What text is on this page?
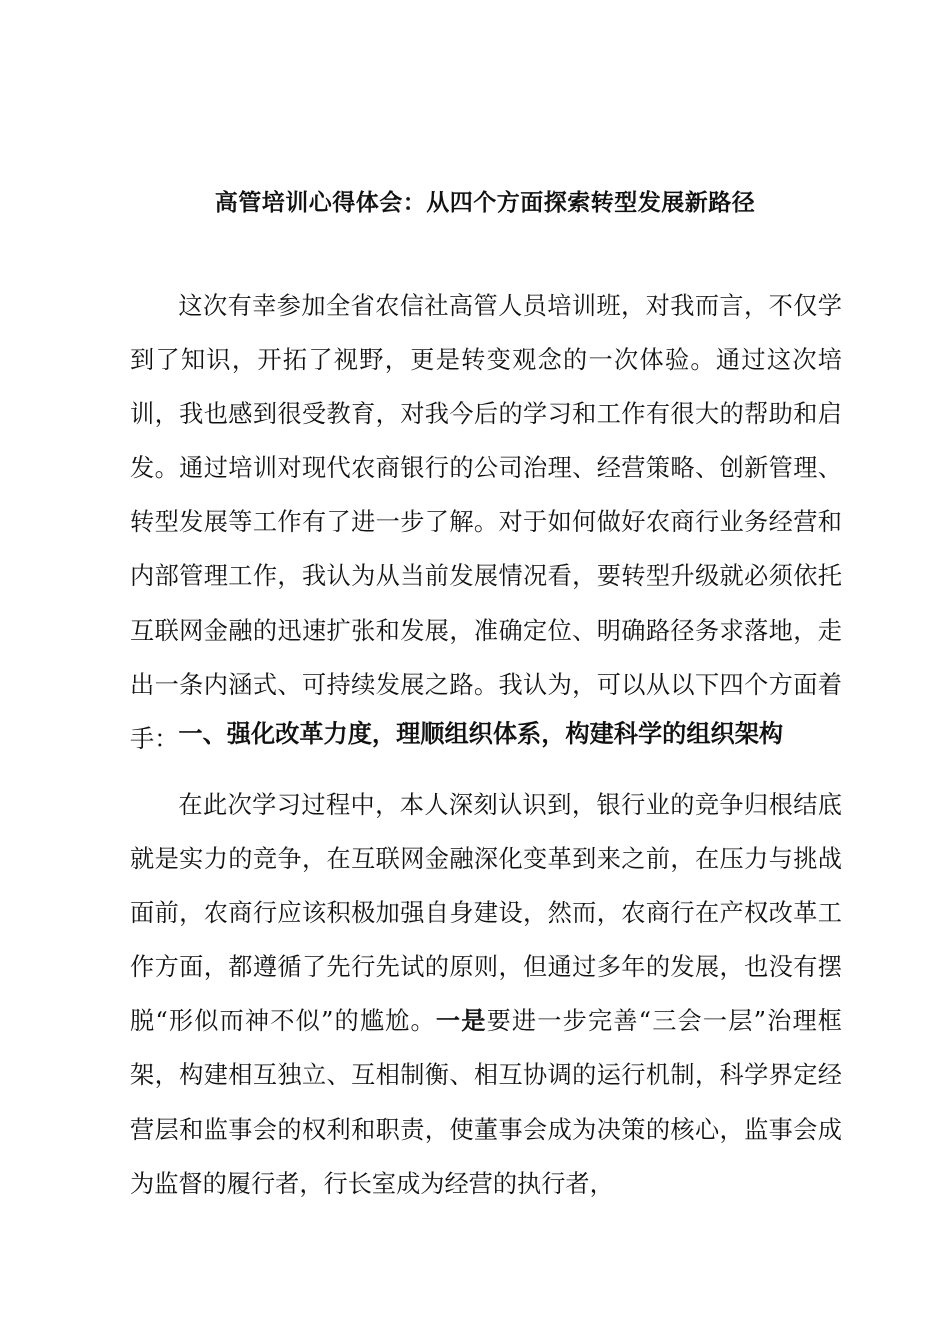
高管培训心得体会：从四个方面探索转型发展新路径

这次有幸参加全省农信社高管人员培训班，对我而言，不仅学到了知识，开拓了视野，更是转变观念的一次体验。通过这次培训，我也感到很受教育，对我今后的学习和工作有很大的帮助和启发。通过培训对现代农商银行的公司治理、经营策略、创新管理、转型发展等工作有了进一步了解。对于如何做好农商行业务经营和内部管理工作，我认为从当前发展情况看，要转型升级就必须依托互联网金融的迅速扩张和发展，准确定位、明确路径务求落地，走出一条内涵式、可持续发展之路。我认为，可以从以下四个方面着手： 一、强化改革力度，理顺组织体系，构建科学的组织架构

在此次学习过程中，本人深刻认识到，银行业的竞争归根结底就是实力的竞争，在互联网金融深化变革到来之前，在压力与挑战面前，农商行应该积极加强自身建设，然而，农商行在产权改革工作方面，都遵循了先行先试的原则，但通过多年的发展，也没有摆脱“形似而神不似”的尴尬。一是要进一步完善“三会一层”治理框架，构建相互独立、互相制衡、相互协调的运行机制，科学界定经营层和监事会的权利和职责，使董事会成为决策的核心，监事会成为监督的履行者，行长室成为经营的执行者，
